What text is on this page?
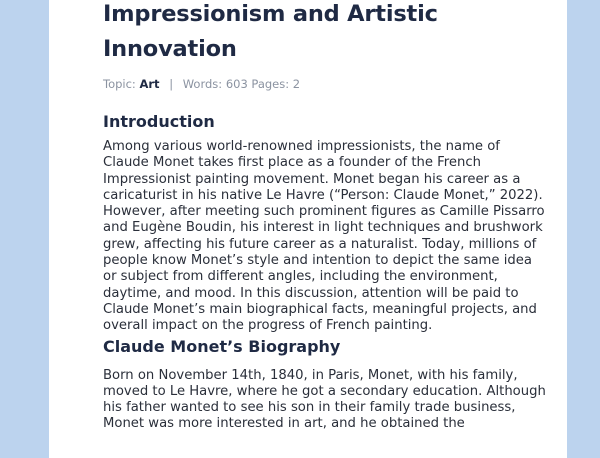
Impressionism and Artistic Innovation
Topic: Art | Words: 603 Pages: 2
Introduction

Among various world-renowned impressionists, the name of Claude Monet takes first place as a founder of the French Impressionist painting movement. Monet began his career as a caricaturist in his native Le Havre (“Person: Claude Monet,” 2022). However, after meeting such prominent figures as Camille Pissarro and Eugène Boudin, his interest in light techniques and brushwork grew, affecting his future career as a naturalist. Today, millions of people know Monet’s style and intention to depict the same idea or subject from different angles, including the environment, daytime, and mood. In this discussion, attention will be paid to Claude Monet’s main biographical facts, meaningful projects, and overall impact on the progress of French painting.

Claude Monet’s Biography

Born on November 14th, 1840, in Paris, Monet, with his family, moved to Le Havre, where he got a secondary education. Although his father wanted to see his son in their family trade business, Monet was more interested in art, and he obtained the
